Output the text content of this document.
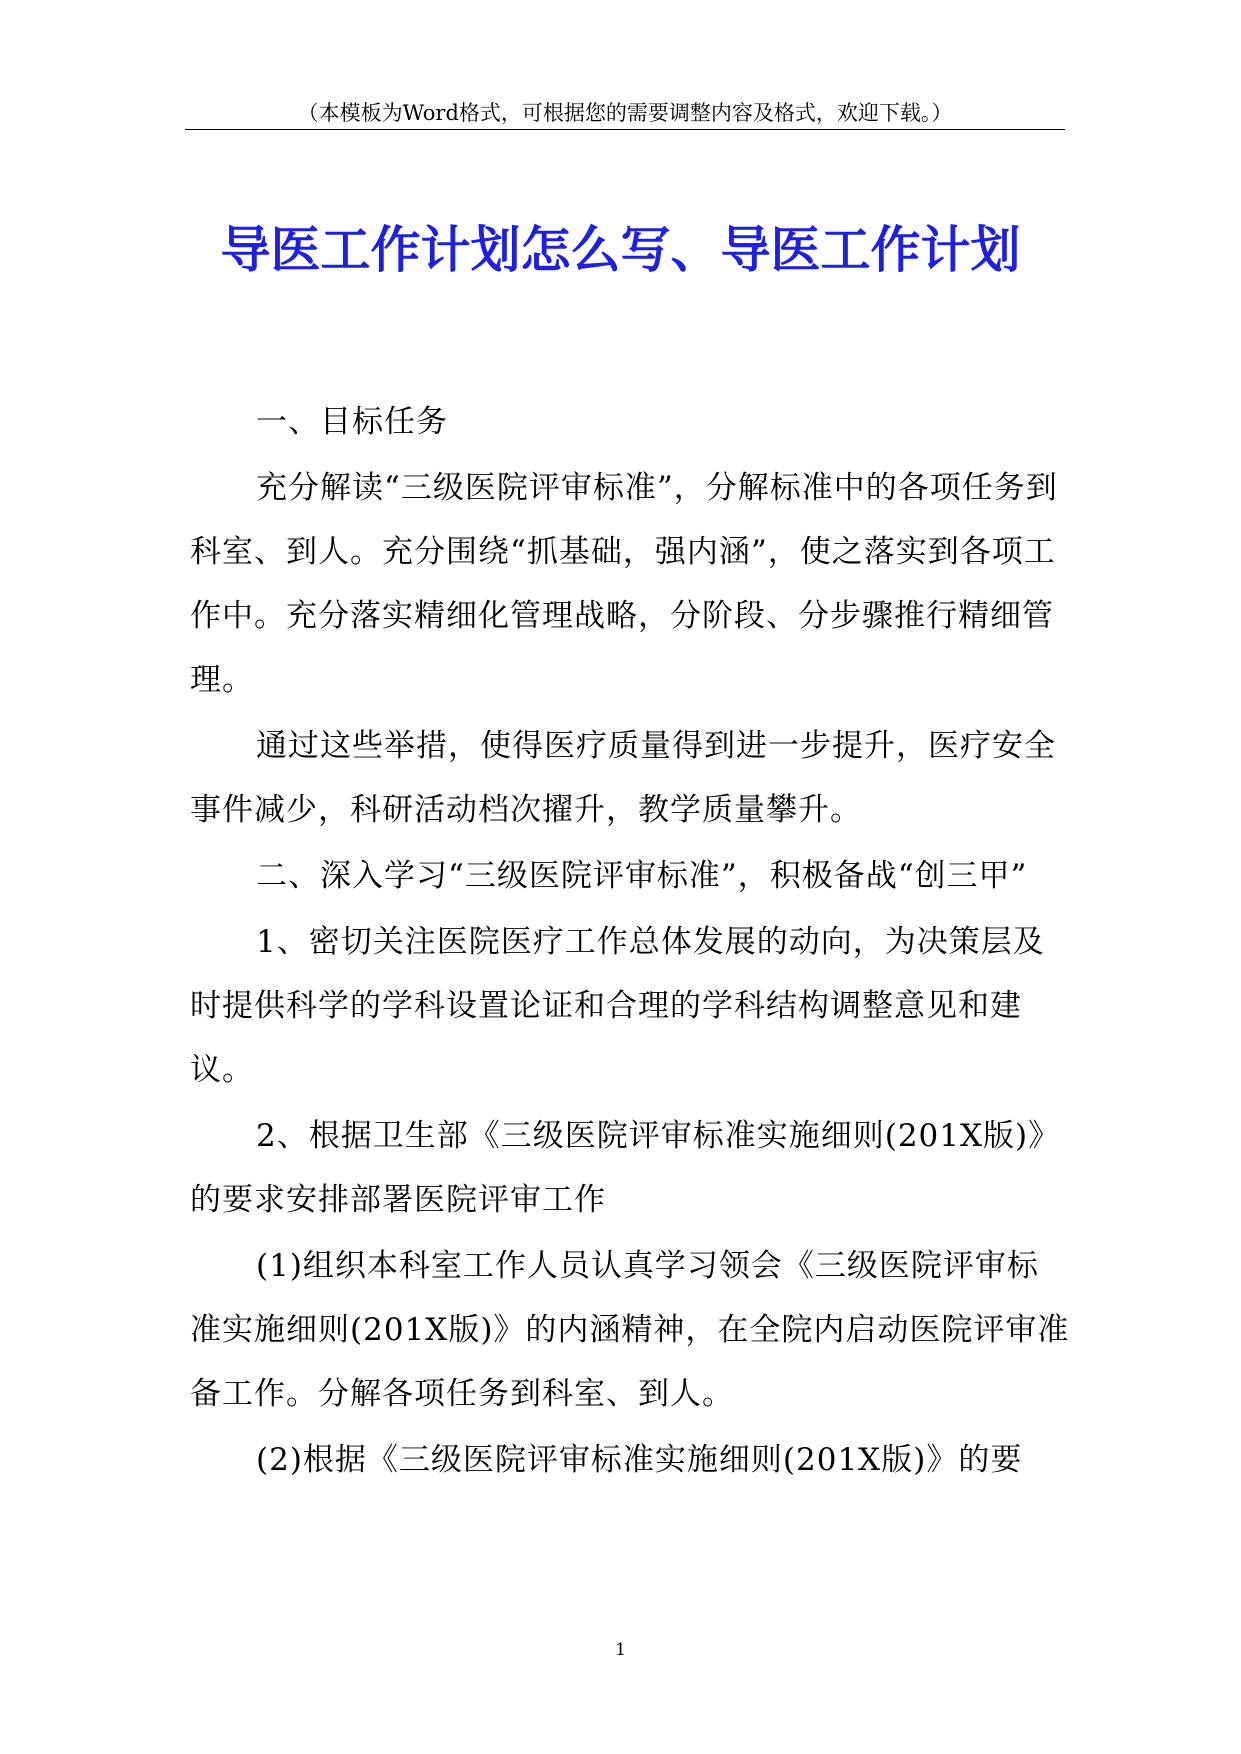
（本模板为Word格式，可根据您的需要调整内容及格式，欢迎下载。）
导医工作计划怎么写、导医工作计划

一、目标任务

充分解读“三级医院评审标准”，分解标准中的各项任务到科室、到人。充分围绕“抓基础，强内涵”，使之落实到各项工作中。充分落实精细化管理战略，分阶段、分步骤推行精细管理。

通过这些举措，使得医疗质量得到进一步提升，医疗安全事件减少，科研活动档次擢升，教学质量攀升。

二、深入学习“三级医院评审标准”，积极备战“创三甲”

1、密切关注医院医疗工作总体发展的动向，为决策层及时提供科学的学科设置论证和合理的学科结构调整意见和建议。

2、根据卫生部《三级医院评审标准实施细则(201X版)》的要求安排部署医院评审工作

(1)组织本科室工作人员认真学习领会《三级医院评审标准实施细则(201X版)》的内涵精神，在全院内启动医院评审准备工作。分解各项任务到科室、到人。

(2)根据《三级医院评审标准实施细则(201X版)》的要

1
